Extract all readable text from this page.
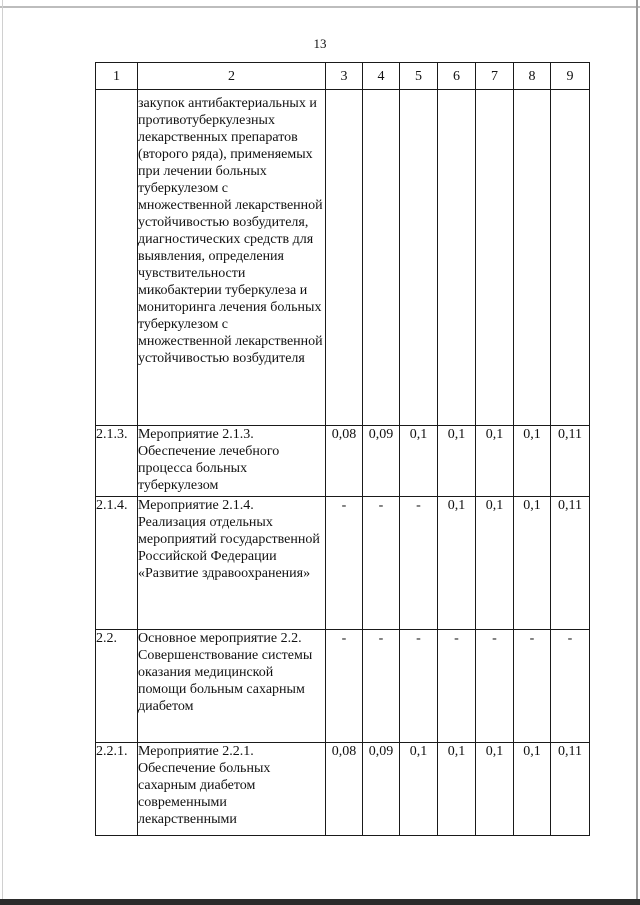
13
1	2	3	4	5	6	7	8	9
	закупок антибактериальных и противотуберкулезных лекарственных препаратов (второго ряда), применяемых при лечении больных туберкулезом с множественной лекарственной устойчивостью возбудителя, диагностических средств для выявления, определения чувствительности микобактерии туберкулеза и мониторинга лечения больных туберкулезом с множественной лекарственной устойчивостью возбудителя							
2.1.3.	Мероприятие 2.1.3. Обеспечение лечебного процесса больных туберкулезом	0,08	0,09	0,1	0,1	0,1	0,1	0,11
2.1.4.	Мероприятие 2.1.4. Реализация отдельных мероприятий государственной Российской Федерации «Развитие здравоохранения»	-	-	-	0,1	0,1	0,1	0,11
2.2.	Основное мероприятие 2.2. Совершенствование системы оказания медицинской помощи больным сахарным диабетом	-	-	-	-	-	-	-
2.2.1.	Мероприятие 2.2.1. Обеспечение больных сахарным диабетом современными лекарственными	0,08	0,09	0,1	0,1	0,1	0,1	0,11
